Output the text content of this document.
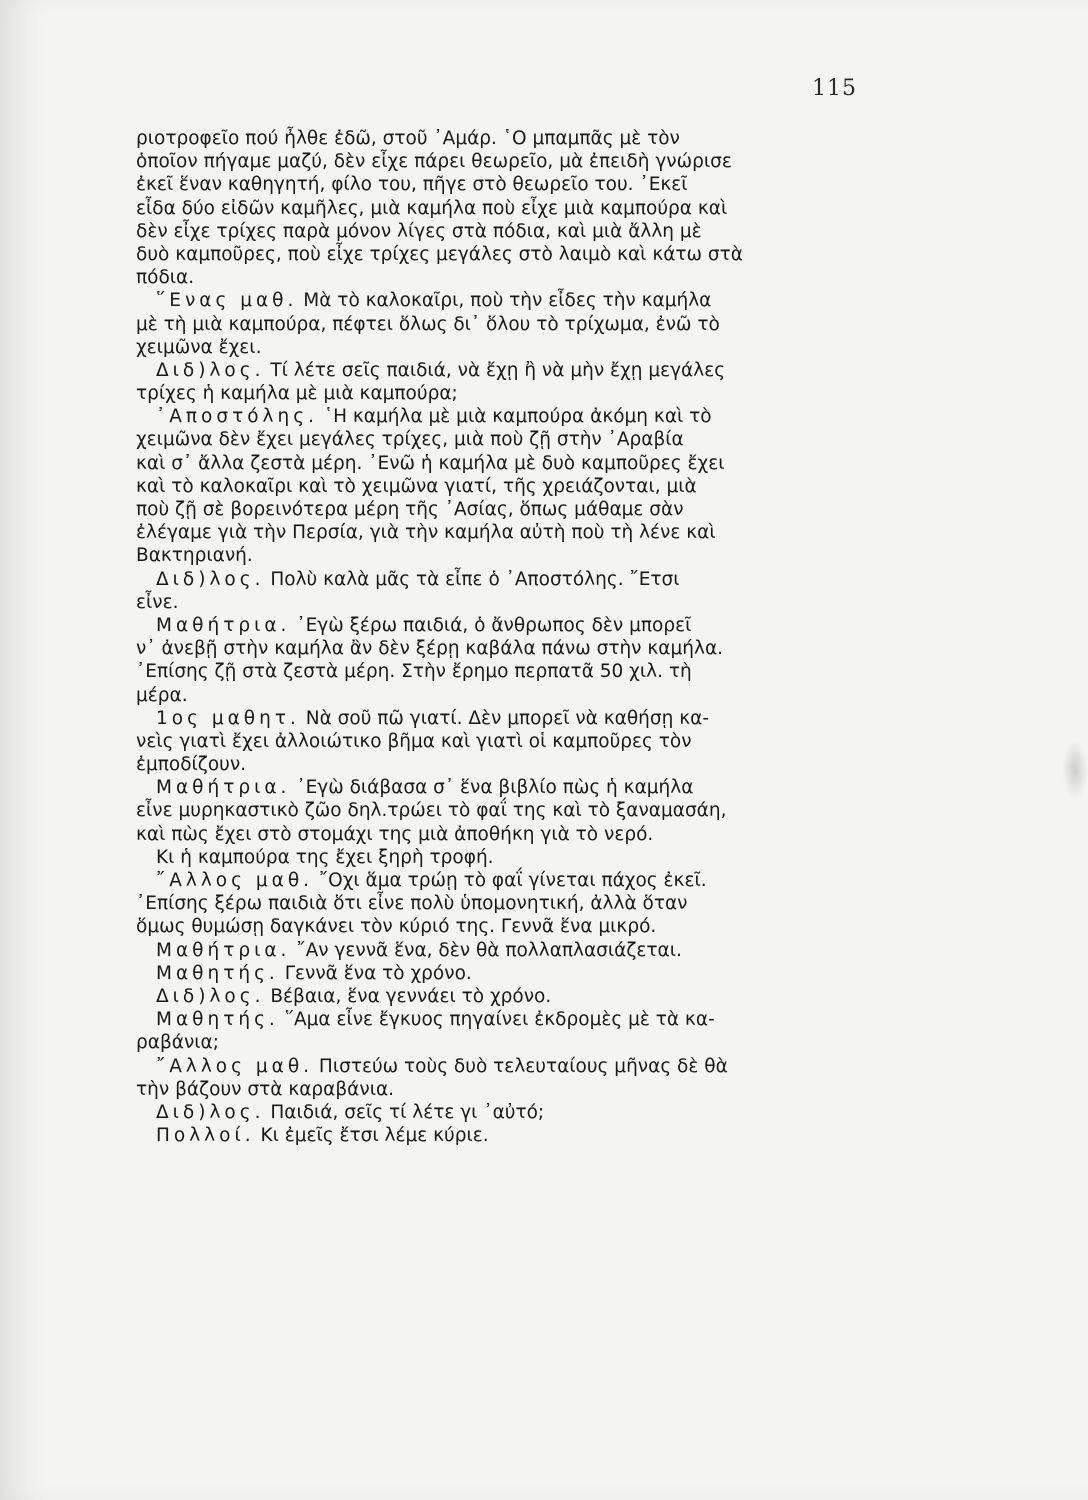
115
ριοτροφεῖο πού ἦλθε ἐδῶ, στοῦ ᾿Αμάρ. ῾Ο μπαμπᾶς μὲ τὸν
ὁποῖον πήγαμε μαζύ, δὲν εἶχε πάρει θεωρεῖο, μὰ ἐπειδὴ γνώρισε
ἐκεῖ ἕναν καθηγητή, φίλο του, πῆγε στὸ θεωρεῖο του. ᾿Εκεῖ
εἶδα δύο εἰδῶν καμῆλες, μιὰ καμήλα ποὺ εἶχε μιὰ καμπούρα καὶ
δὲν εἶχε τρίχες παρὰ μόνον λίγες στὰ πόδια, καὶ μιὰ ἄλλη μὲ
δυὸ καμποῦρες, ποὺ εἶχε τρίχες μεγάλες στὸ λαιμὸ καὶ κάτω στὰ
πόδια.
῞Ενας μαθ. Μὰ τὸ καλοκαῖρι, ποὺ τὴν εἶδες τὴν καμήλα
μὲ τὴ μιὰ καμπούρα, πέφτει ὅλως δι᾿ ὅλου τὸ τρίχωμα, ἐνῶ τὸ
χειμῶνα ἔχει.
Διδ)λος. Τί λέτε σεῖς παιδιά, νὰ ἔχῃ ἢ νὰ μὴν ἔχῃ μεγάλες
τρίχες ἡ καμήλα μὲ μιὰ καμπούρα;
᾿Αποστόλης. ῾Η καμήλα μὲ μιὰ καμπούρα ἀκόμη καὶ τὸ
χειμῶνα δὲν ἔχει μεγάλες τρίχες, μιὰ ποὺ ζῇ στὴν ᾿Αραβία
καὶ σ᾿ ἄλλα ζεστὰ μέρη. ᾿Ενῶ ἡ καμήλα μὲ δυὸ καμποῦρες ἔχει
καὶ τὸ καλοκαῖρι καὶ τὸ χειμῶνα γιατί, τῆς χρειάζονται, μιὰ
ποὺ ζῇ σὲ βορεινότερα μέρη τῆς ᾿Ασίας, ὅπως μάθαμε σὰν
ἐλέγαμε γιὰ τὴν Περσία, γιὰ τὴν καμήλα αὐτὴ ποὺ τὴ λένε καὶ
Βακτηριανή.
Διδ)λος. Πολὺ καλὰ μᾶς τὰ εἶπε ὁ ᾿Αποστόλης. ῎Ετσι
εἶνε.
Μαθήτρια. ᾿Εγὼ ξέρω παιδιά, ὁ ἄνθρωπος δὲν μπορεῖ
ν᾿ ἀνεβῇ στὴν καμήλα ἂν δὲν ξέρῃ καβάλα πάνω στὴν καμήλα.
᾿Επίσης ζῇ στὰ ζεστὰ μέρη. Στὴν ἔρημο περπατᾶ 50 χιλ. τὴ
μέρα.
1ος μαθητ. Νὰ σοῦ πῶ γιατί. Δὲν μπορεῖ νὰ καθήσῃ κα-
νεὶς γιατὶ ἔχει ἀλλοιώτικο βῆμα καὶ γιατὶ οἱ καμποῦρες τὸν
ἐμποδίζουν.
Μαθήτρια. ᾿Εγὼ διάβασα σ᾿ ἕνα βιβλίο πὼς ἡ καμήλα
εἶνε μυρηκαστικὸ ζῶο δηλ.τρώει τὸ φαΐ της καὶ τὸ ξαναμασάη,
καὶ πὼς ἔχει στὸ στομάχι της μιὰ ἀποθήκη γιὰ τὸ νερό.
Κι ἡ καμπούρα της ἔχει ξηρὴ τροφή.
῎Αλλος μαθ. ῎Οχι ἅμα τρώῃ τὸ φαΐ γίνεται πάχος ἐκεῖ.
᾿Επίσης ξέρω παιδιὰ ὅτι εἶνε πολὺ ὑπομονητική, ἀλλὰ ὅταν
ὅμως θυμώσῃ δαγκάνει τὸν κύριό της. Γεννᾶ ἕνα μικρό.
Μαθήτρια. ῎Αν γεννᾶ ἕνα, δὲν θὰ πολλαπλασιάζεται.
Μαθητής. Γεννᾶ ἕνα τὸ χρόνο.
Διδ)λος. Βέβαια, ἕνα γεννάει τὸ χρόνο.
Μαθητής. ῞Αμα εἶνε ἔγκυος πηγαίνει ἐκδρομὲς μὲ τὰ κα-
ραβάνια;
῎Αλλος μαθ. Πιστεύω τοὺς δυὸ τελευταίους μῆνας δὲ θὰ
τὴν βάζουν στὰ καραβάνια.
Διδ)λος. Παιδιά, σεῖς τί λέτε γι ᾿αὐτό;
Πολλοί. Κι ἐμεῖς ἔτσι λέμε κύριε.
